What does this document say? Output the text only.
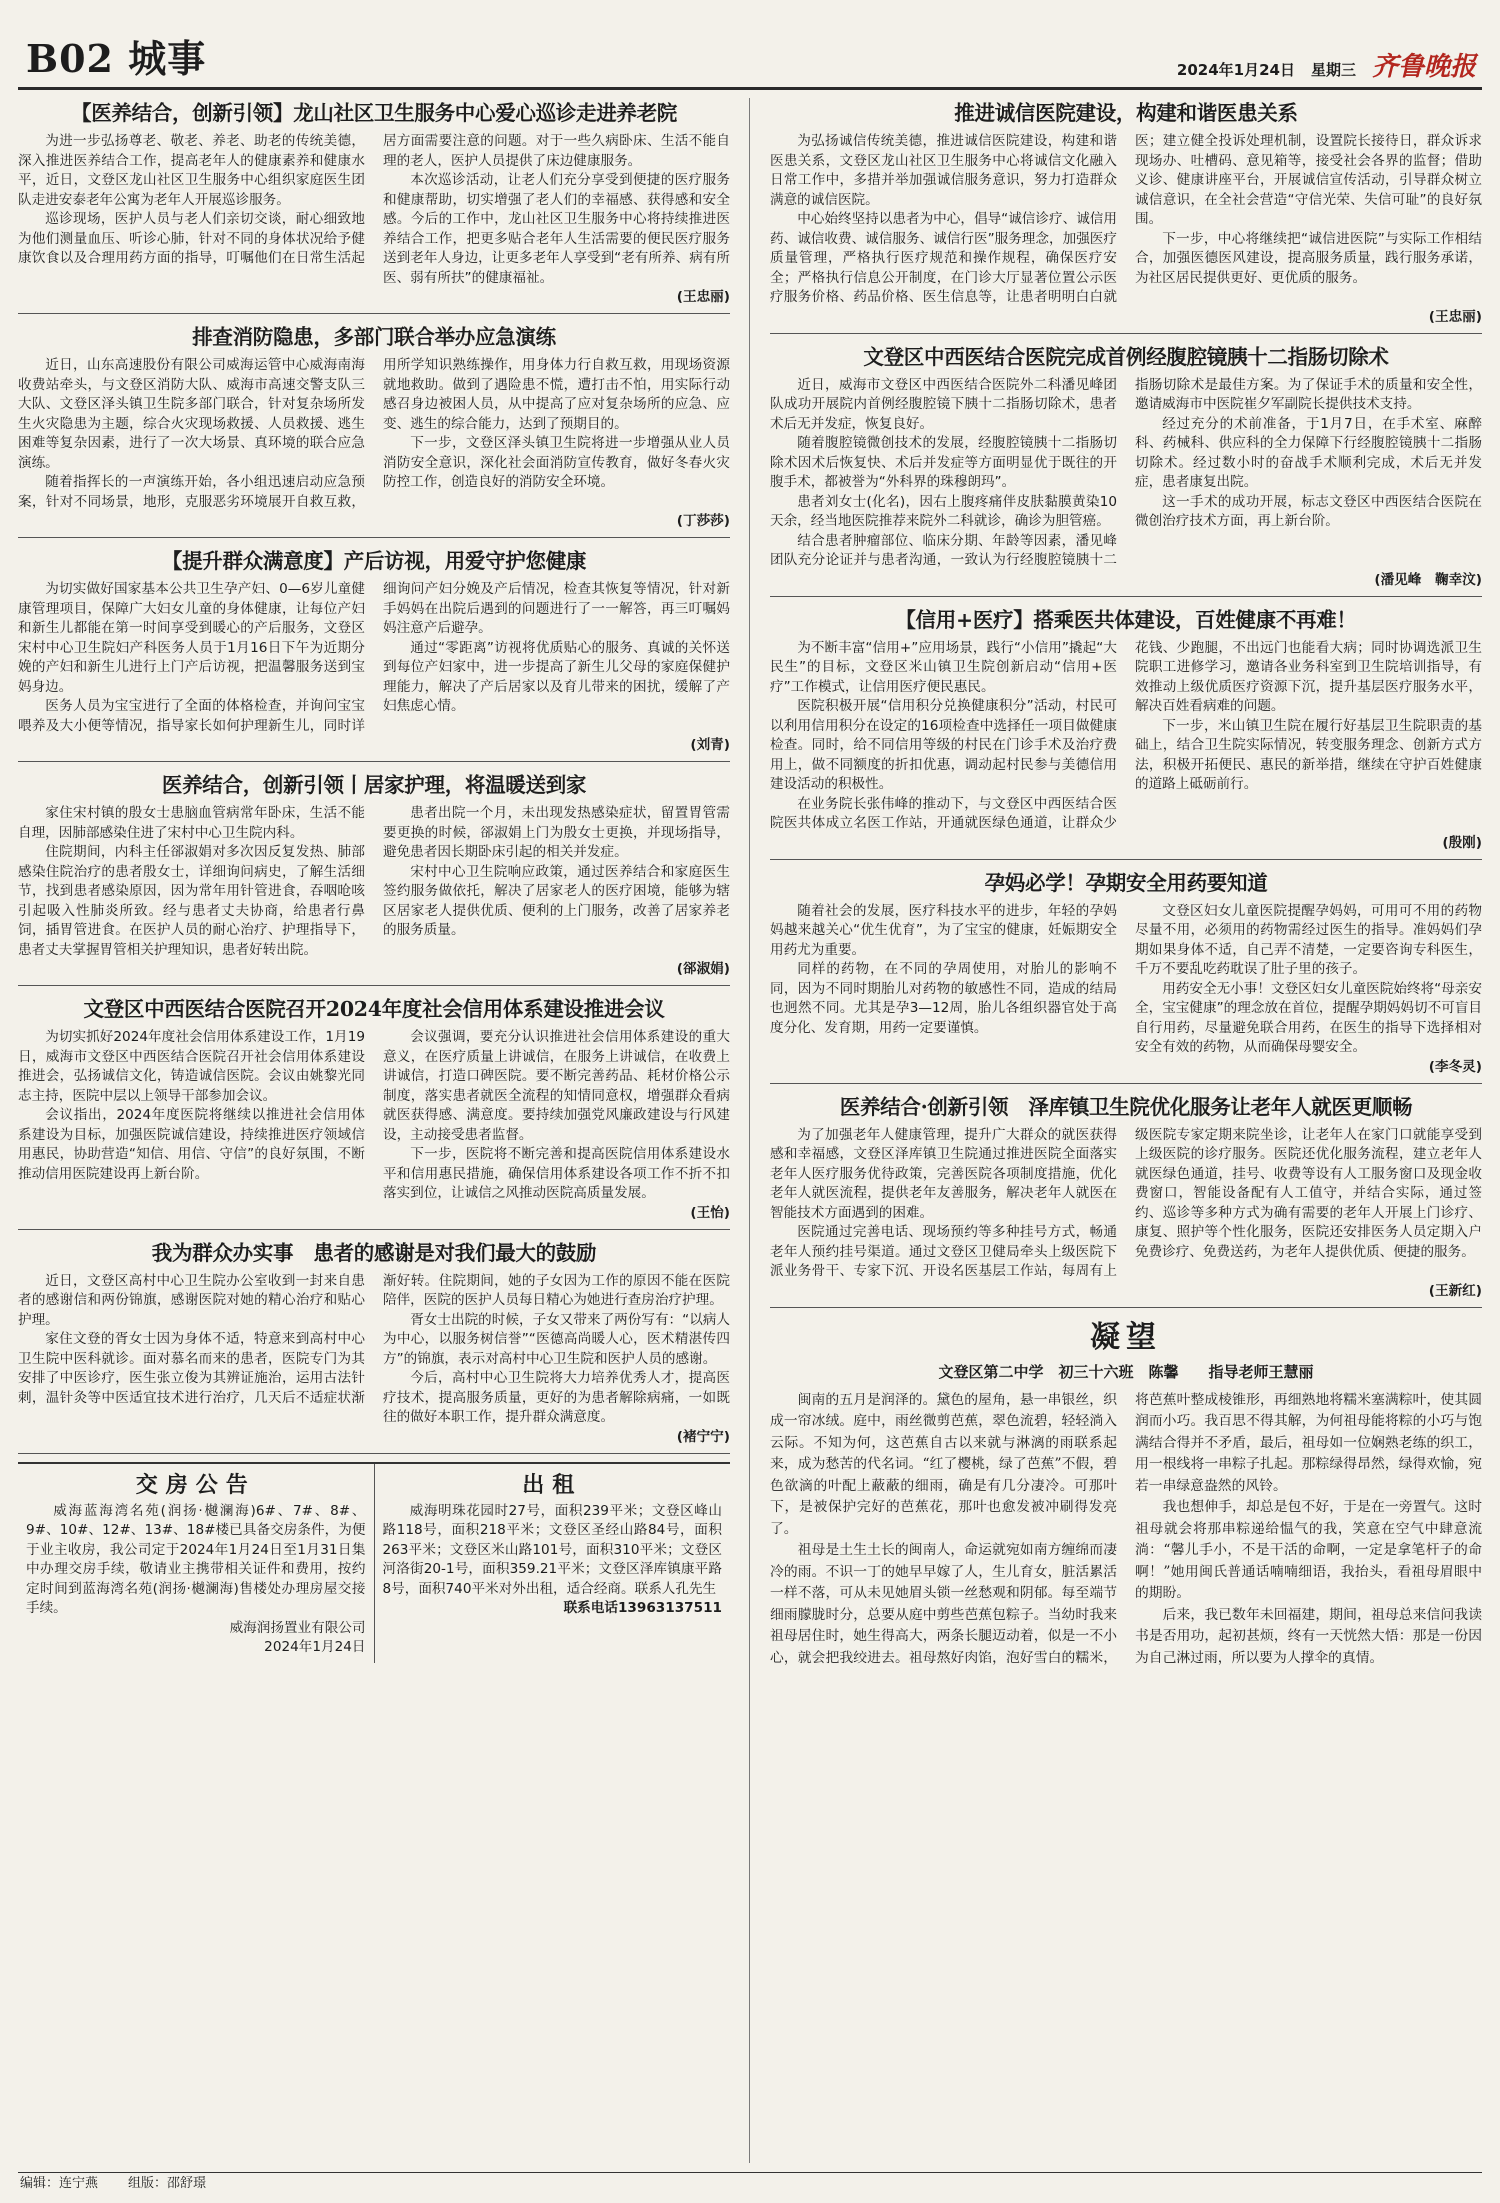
B02 城事	2024年1月24日 星期三 齐鲁晚报
【医养结合，创新引领】龙山社区卫生服务中心爱心巡诊走进养老院

为进一步弘扬尊老、敬老、养老、助老的传统美德，深入推进医养结合工作，提高老年人的健康素养和健康水平，近日，文登区龙山社区卫生服务中心组织家庭医生团队走进安泰老年公寓为老年人开展巡诊服务。

巡诊现场，医护人员与老人们亲切交谈，耐心细致地为他们测量血压、听诊心肺，针对不同的身体状况给予健康饮食以及合理用药方面的指导，叮嘱他们在日常生活起居方面需要注意的问题。对于一些久病卧床、生活不能自理的老人，医护人员提供了床边健康服务。

本次巡诊活动，让老人们充分享受到便捷的医疗服务和健康帮助，切实增强了老人们的幸福感、获得感和安全感。今后的工作中，龙山社区卫生服务中心将持续推进医养结合工作，把更多贴合老年人生活需要的便民医疗服务送到老年人身边，让更多老年人享受到“老有所养、病有所医、弱有所扶”的健康福祉。

(王忠丽)
排查消防隐患，多部门联合举办应急演练

近日，山东高速股份有限公司威海运管中心威海南海收费站牵头，与文登区消防大队、威海市高速交警支队三大队、文登区泽头镇卫生院多部门联合，针对复杂场所发生火灾隐患为主题，综合火灾现场救援、人员救援、逃生困难等复杂因素，进行了一次大场景、真环境的联合应急演练。

随着指挥长的一声演练开始，各小组迅速启动应急预案，针对不同场景，地形，克服恶劣环境展开自救互救，用所学知识熟练操作，用身体力行自救互救，用现场资源就地救助。做到了遇险患不慌，遭打击不怕，用实际行动感召身边被困人员，从中提高了应对复杂场所的应急、应变、逃生的综合能力，达到了预期目的。

下一步，文登区泽头镇卫生院将进一步增强从业人员消防安全意识，深化社会面消防宣传教育，做好冬春火灾防控工作，创造良好的消防安全环境。

(丁莎莎)
【提升群众满意度】产后访视，用爱守护您健康

为切实做好国家基本公共卫生孕产妇、0—6岁儿童健康管理项目，保障广大妇女儿童的身体健康，让每位产妇和新生儿都能在第一时间享受到暖心的产后服务，文登区宋村中心卫生院妇产科医务人员于1月16日下午为近期分娩的产妇和新生儿进行上门产后访视，把温馨服务送到宝妈身边。

医务人员为宝宝进行了全面的体格检查，并询问宝宝喂养及大小便等情况，指导家长如何护理新生儿，同时详细询问产妇分娩及产后情况，检查其恢复等情况，针对新手妈妈在出院后遇到的问题进行了一一解答，再三叮嘱妈妈注意产后避孕。

通过“零距离”访视将优质贴心的服务、真诚的关怀送到每位产妇家中，进一步提高了新生儿父母的家庭保健护理能力，解决了产后居家以及育儿带来的困扰，缓解了产妇焦虑心情。

(刘青)
医养结合，创新引领丨居家护理，将温暖送到家

家住宋村镇的殷女士患脑血管病常年卧床，生活不能自理，因肺部感染住进了宋村中心卫生院内科。

住院期间，内科主任郤淑娟对多次因反复发热、肺部感染住院治疗的患者殷女士，详细询问病史，了解生活细节，找到患者感染原因，因为常年用针管进食，吞咽呛咳引起吸入性肺炎所致。经与患者丈夫协商，给患者行鼻饲，插胃管进食。在医护人员的耐心治疗、护理指导下，患者丈夫掌握胃管相关护理知识，患者好转出院。

患者出院一个月，未出现发热感染症状，留置胃管需要更换的时候，郤淑娟上门为殷女士更换，并现场指导，避免患者因长期卧床引起的相关并发症。

宋村中心卫生院响应政策，通过医养结合和家庭医生签约服务做依托，解决了居家老人的医疗困境，能够为辖区居家老人提供优质、便利的上门服务，改善了居家养老的服务质量。

(郤淑娟)
文登区中西医结合医院召开2024年度社会信用体系建设推进会议

为切实抓好2024年度社会信用体系建设工作，1月19日，威海市文登区中西医结合医院召开社会信用体系建设推进会，弘扬诚信文化，铸造诚信医院。会议由姚黎光同志主持，医院中层以上领导干部参加会议。

会议指出，2024年度医院将继续以推进社会信用体系建设为目标，加强医院诚信建设，持续推进医疗领域信用惠民，协助营造“知信、用信、守信”的良好氛围，不断推动信用医院建设再上新台阶。

会议强调，要充分认识推进社会信用体系建设的重大意义，在医疗质量上讲诚信，在服务上讲诚信，在收费上讲诚信，打造口碑医院。要不断完善药品、耗材价格公示制度，落实患者就医全流程的知情同意权，增强群众看病就医获得感、满意度。要持续加强党风廉政建设与行风建设，主动接受患者监督。

下一步，医院将不断完善和提高医院信用体系建设水平和信用惠民措施，确保信用体系建设各项工作不折不扣落实到位，让诚信之风推动医院高质量发展。

(王怡)
我为群众办实事　患者的感谢是对我们最大的鼓励

近日，文登区高村中心卫生院办公室收到一封来自患者的感谢信和两份锦旗，感谢医院对她的精心治疗和贴心护理。

家住文登的胥女士因为身体不适，特意来到高村中心卫生院中医科就诊。面对慕名而来的患者，医院专门为其安排了中医诊疗，医生张立俊为其辨证施治，运用古法针刺，温针灸等中医适宜技术进行治疗，几天后不适症状渐渐好转。住院期间，她的子女因为工作的原因不能在医院陪伴，医院的医护人员每日精心为她进行查房治疗护理。

胥女士出院的时候，子女又带来了两份写有：“以病人为中心，以服务树信誉”“医德高尚暖人心，医术精湛传四方”的锦旗，表示对高村中心卫生院和医护人员的感谢。

今后，高村中心卫生院将大力培养优秀人才，提高医疗技术，提高服务质量，更好的为患者解除病痛，一如既往的做好本职工作，提升群众满意度。

(褚宁宁)
交房公告
威海蓝海湾名苑(润扬·樾澜海)6#、7#、8#、9#、10#、12#、13#、18#楼已具备交房条件，为便于业主收房，我公司定于2024年1月24日至1月31日集中办理交房手续，敬请业主携带相关证件和费用，按约定时间到蓝海湾名苑(润扬·樾澜海)售楼处办理房屋交接手续。
威海润扬置业有限公司
2024年1月24日
出租
威海明珠花园时27号，面积239平米；文登区峰山路118号，面积218平米；文登区圣经山路84号，面积263平米；文登区米山路101号，面积310平米；文登区河洛街20-1号，面积359.21平米；文登区泽库镇康平路8号，面积740平米对外出租，适合经商。联系人孔先生
联系电话13963137511
推进诚信医院建设，构建和谐医患关系

为弘扬诚信传统美德，推进诚信医院建设，构建和谐医患关系，文登区龙山社区卫生服务中心将诚信文化融入日常工作中，多措并举加强诚信服务意识，努力打造群众满意的诚信医院。

中心始终坚持以患者为中心，倡导“诚信诊疗、诚信用药、诚信收费、诚信服务、诚信行医”服务理念，加强医疗质量管理，严格执行医疗规范和操作规程，确保医疗安全；严格执行信息公开制度，在门诊大厅显著位置公示医疗服务价格、药品价格、医生信息等，让患者明明白白就医；建立健全投诉处理机制，设置院长接待日，群众诉求现场办、吐槽码、意见箱等，接受社会各界的监督；借助义诊、健康讲座平台，开展诚信宣传活动，引导群众树立诚信意识，在全社会营造“守信光荣、失信可耻”的良好氛围。

下一步，中心将继续把“诚信进医院”与实际工作相结合，加强医德医风建设，提高服务质量，践行服务承诺，为社区居民提供更好、更优质的服务。

(王忠丽)
文登区中西医结合医院完成首例经腹腔镜胰十二指肠切除术

近日，威海市文登区中西医结合医院外二科潘见峰团队成功开展院内首例经腹腔镜下胰十二指肠切除术，患者术后无并发症，恢复良好。

随着腹腔镜微创技术的发展，经腹腔镜胰十二指肠切除术因术后恢复快、术后并发症等方面明显优于既往的开腹手术，都被誉为“外科界的珠穆朗玛”。

患者刘女士(化名)，因右上腹疼痛伴皮肤黏膜黄染10天余，经当地医院推荐来院外二科就诊，确诊为胆管癌。

结合患者肿瘤部位、临床分期、年龄等因素，潘见峰团队充分论证并与患者沟通，一致认为行经腹腔镜胰十二指肠切除术是最佳方案。为了保证手术的质量和安全性，邀请威海市中医院崔夕军副院长提供技术支持。

经过充分的术前准备，于1月7日，在手术室、麻醉科、药械科、供应科的全力保障下行经腹腔镜胰十二指肠切除术。经过数小时的奋战手术顺利完成，术后无并发症，患者康复出院。

这一手术的成功开展，标志文登区中西医结合医院在微创治疗技术方面，再上新台阶。

(潘见峰　鞠幸汶)
【信用+医疗】搭乘医共体建设，百姓健康不再难！

为不断丰富“信用+”应用场景，践行“小信用”撬起“大民生”的目标，文登区米山镇卫生院创新启动“信用+医疗”工作模式，让信用医疗便民惠民。

医院积极开展“信用积分兑换健康积分”活动，村民可以利用信用积分在设定的16项检查中选择任一项目做健康检查。同时，给不同信用等级的村民在门诊手术及治疗费用上，做不同额度的折扣优惠，调动起村民参与美德信用建设活动的积极性。

在业务院长张伟峰的推动下，与文登区中西医结合医院医共体成立名医工作站，开通就医绿色通道，让群众少花钱、少跑腿，不出远门也能看大病；同时协调选派卫生院职工进修学习，邀请各业务科室到卫生院培训指导，有效推动上级优质医疗资源下沉，提升基层医疗服务水平，解决百姓看病难的问题。

下一步，米山镇卫生院在履行好基层卫生院职责的基础上，结合卫生院实际情况，转变服务理念、创新方式方法，积极开拓便民、惠民的新举措，继续在守护百姓健康的道路上砥砺前行。

(殷刚)
孕妈必学！孕期安全用药要知道

随着社会的发展，医疗科技水平的进步，年轻的孕妈妈越来越关心“优生优育”，为了宝宝的健康，妊娠期安全用药尤为重要。

同样的药物，在不同的孕周使用，对胎儿的影响不同，因为不同时期胎儿对药物的敏感性不同，造成的结局也迥然不同。尤其是孕3—12周，胎儿各组织器官处于高度分化、发育期，用药一定要谨慎。

文登区妇女儿童医院提醒孕妈妈，可用可不用的药物尽量不用，必须用的药物需经过医生的指导。准妈妈们孕期如果身体不适，自己弄不清楚，一定要咨询专科医生，千万不要乱吃药耽误了肚子里的孩子。

用药安全无小事！文登区妇女儿童医院始终将“母亲安全，宝宝健康”的理念放在首位，提醒孕期妈妈切不可盲目自行用药，尽量避免联合用药，在医生的指导下选择相对安全有效的药物，从而确保母婴安全。

(李冬灵)
医养结合·创新引领　泽库镇卫生院优化服务让老年人就医更顺畅

为了加强老年人健康管理，提升广大群众的就医获得感和幸福感，文登区泽库镇卫生院通过推进医院全面落实老年人医疗服务优待政策，完善医院各项制度措施，优化老年人就医流程，提供老年友善服务，解决老年人就医在智能技术方面遇到的困难。

医院通过完善电话、现场预约等多种挂号方式，畅通老年人预约挂号渠道。通过文登区卫健局牵头上级医院下派业务骨干、专家下沉、开设名医基层工作站，每周有上级医院专家定期来院坐诊，让老年人在家门口就能享受到上级医院的诊疗服务。医院还优化服务流程，建立老年人就医绿色通道，挂号、收费等设有人工服务窗口及现金收费窗口，智能设备配有人工值守，并结合实际，通过签约、巡诊等多种方式为确有需要的老年人开展上门诊疗、康复、照护等个性化服务，医院还安排医务人员定期入户免费诊疗、免费送药，为老年人提供优质、便捷的服务。

(王新红)
凝望
文登区第二中学　初三十六班　陈馨　　指导老师王慧丽

闽南的五月是润泽的。黛色的屋角，悬一串银丝，织成一帘冰绒。庭中，雨丝微剪芭蕉，翠色流碧，轻轻淌入云际。不知为何，这芭蕉自古以来就与淋漓的雨联系起来，成为愁苦的代名词。“红了樱桃，绿了芭蕉”不假，碧色欲滴的叶配上蔽蔽的细雨，确是有几分凄冷。可那叶下，是被保护完好的芭蕉花，那叶也愈发被冲刷得发亮了。

祖母是土生土长的闽南人，命运就宛如南方缠绵而凄冷的雨。不识一丁的她早早嫁了人，生儿育女，脏活累活一样不落，可从未见她眉头锁一丝愁观和阴郁。每至端节细雨朦胧时分，总要从庭中剪些芭蕉包粽子。当幼时我来祖母居住时，她生得高大，两条长腿迈动着，似是一不小心，就会把我绞进去。祖母熬好肉馅，泡好雪白的糯米，将芭蕉叶整成棱锥形，再细熟地将糯米塞满粽叶，使其圆润而小巧。我百思不得其解，为何祖母能将粽的小巧与饱满结合得并不矛盾，最后，祖母如一位娴熟老练的织工，用一根线将一串粽子扎起。那粽绿得昂然，绿得欢愉，宛若一串绿意盎然的风铃。

我也想伸手，却总是包不好，于是在一旁置气。这时祖母就会将那串粽递给愠气的我，笑意在空气中肆意流淌：“馨儿手小，不是干活的命啊，一定是拿笔杆子的命啊！”她用闽氏普通话喃喃细语，我抬头，看祖母眉眼中的期盼。

后来，我已数年未回福建，期间，祖母总来信问我读书是否用功，起初甚烦，终有一天恍然大悟：那是一份因为自己淋过雨，所以要为人撑伞的真情。

编辑：连宁燕 组版：邵舒璟
